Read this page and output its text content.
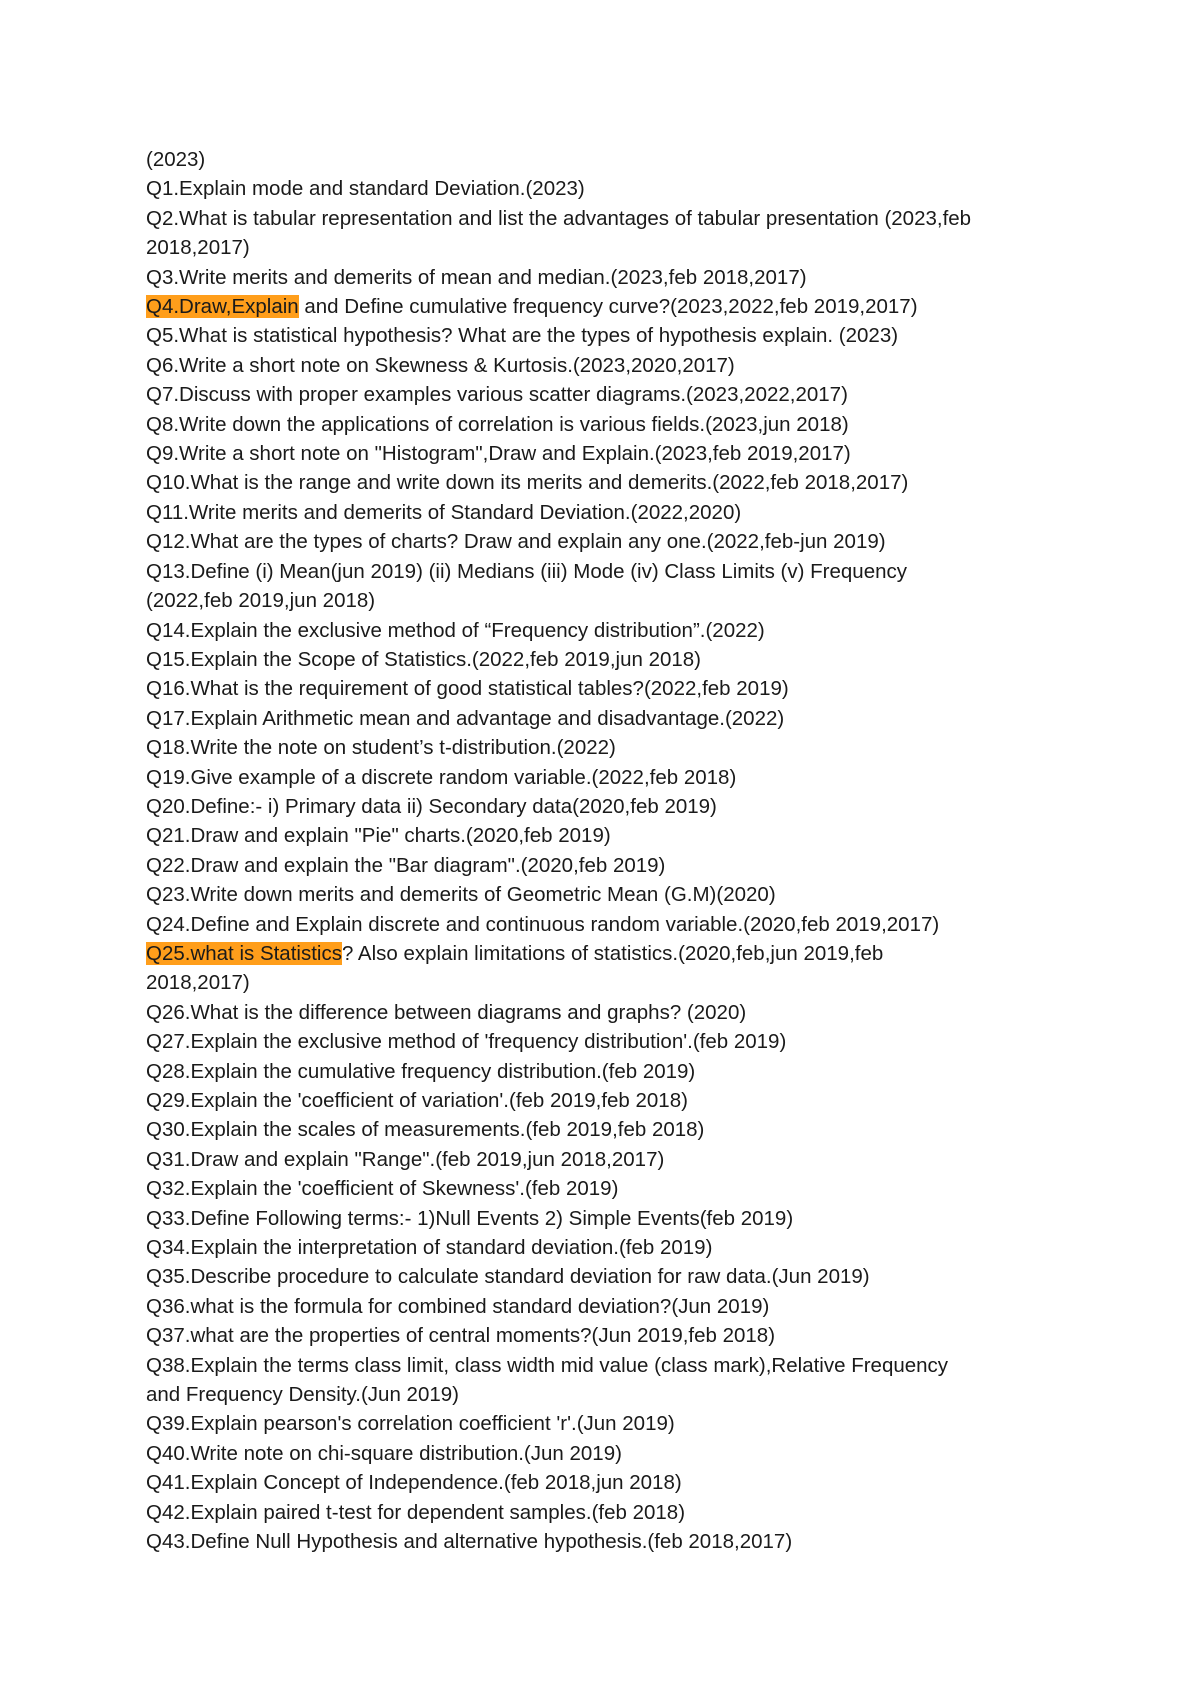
(2023)
Q1.Explain mode and standard Deviation.(2023)
Q2.What is tabular representation and list the advantages of tabular presentation (2023,feb
2018,2017)
Q3.Write merits and demerits of mean and median.(2023,feb 2018,2017)
Q4.Draw,Explain and Define cumulative frequency curve?(2023,2022,feb 2019,2017)
Q5.What is statistical hypothesis? What are the types of hypothesis explain. (2023)
Q6.Write a short note on Skewness & Kurtosis.(2023,2020,2017)
Q7.Discuss with proper examples various scatter diagrams.(2023,2022,2017)
Q8.Write down the applications of correlation is various fields.(2023,jun 2018)
Q9.Write a short note on "Histogram",Draw and Explain.(2023,feb 2019,2017)
Q10.What is the range and write down its merits and demerits.(2022,feb 2018,2017)
Q11.Write merits and demerits of Standard Deviation.(2022,2020)
Q12.What are the types of charts? Draw and explain any one.(2022,feb-jun 2019)
Q13.Define (i) Mean(jun 2019) (ii) Medians (iii) Mode (iv) Class Limits (v) Frequency
(2022,feb 2019,jun 2018)
Q14.Explain the exclusive method of “Frequency distribution”.(2022)
Q15.Explain the Scope of Statistics.(2022,feb 2019,jun 2018)
Q16.What is the requirement of good statistical tables?(2022,feb 2019)
Q17.Explain Arithmetic mean and advantage and disadvantage.(2022)
Q18.Write the note on student’s t-distribution.(2022)
Q19.Give example of a discrete random variable.(2022,feb 2018)
Q20.Define:- i) Primary data ii) Secondary data(2020,feb 2019)
Q21.Draw and explain "Pie" charts.(2020,feb 2019)
Q22.Draw and explain the "Bar diagram".(2020,feb 2019)
Q23.Write down merits and demerits of Geometric Mean (G.M)(2020)
Q24.Define and Explain discrete and continuous random variable.(2020,feb 2019,2017)
Q25.what is Statistics? Also explain limitations of statistics.(2020,feb,jun 2019,feb
2018,2017)
Q26.What is the difference between diagrams and graphs? (2020)
Q27.Explain the exclusive method of 'frequency distribution'.(feb 2019)
Q28.Explain the cumulative frequency distribution.(feb 2019)
Q29.Explain the 'coefficient of variation'.(feb 2019,feb 2018)
Q30.Explain the scales of measurements.(feb 2019,feb 2018)
Q31.Draw and explain "Range".(feb 2019,jun 2018,2017)
Q32.Explain the 'coefficient of Skewness'.(feb 2019)
Q33.Define Following terms:- 1)Null Events 2) Simple Events(feb 2019)
Q34.Explain the interpretation of standard deviation.(feb 2019)
Q35.Describe procedure to calculate standard deviation for raw data.(Jun 2019)
Q36.what is the formula for combined standard deviation?(Jun 2019)
Q37.what are the properties of central moments?(Jun 2019,feb 2018)
Q38.Explain the terms class limit, class width mid value (class mark),Relative Frequency
and Frequency Density.(Jun 2019)
Q39.Explain pearson's correlation coefficient 'r'.(Jun 2019)
Q40.Write note on chi-square distribution.(Jun 2019)
Q41.Explain Concept of Independence.(feb 2018,jun 2018)
Q42.Explain paired t-test for dependent samples.(feb 2018)
Q43.Define Null Hypothesis and alternative hypothesis.(feb 2018,2017)
